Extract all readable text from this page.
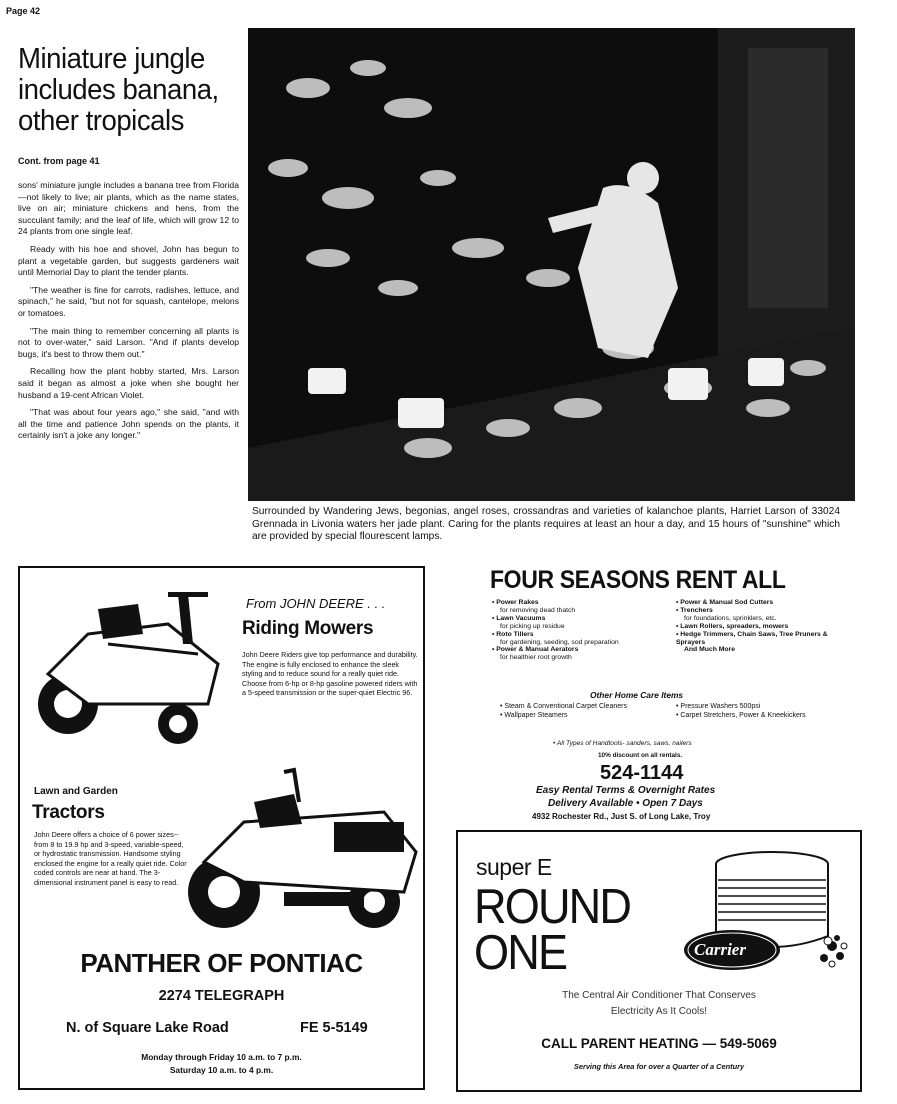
Page 42
Miniature jungle
includes banana,
other tropicals
Cont. from page 41

sons' miniature jungle includes a banana tree from Florida—not likely to live; air plants, which as the name states, live on air; miniature chickens and hens, from the succulant family; and the leaf of life, which will grow 12 to 24 plants from one single leaf.

Ready with his hoe and shovel, John has begun to plant a vegetable garden, but suggests gardeners wait until Memorial Day to plant the tender plants.

"The weather is fine for carrots, radishes, lettuce, and spinach," he said, "but not for squash, cantelope, melons or tomatoes.

"The main thing to remember concerning all plants is not to over-water," said Larson. "And if plants develop bugs, it's best to throw them out."

Recalling how the plant hobby started, Mrs. Larson said it began as almost a joke when she bought her husband a 19-cent African Violet.

"That was about four years ago," she said, "and with all the time and patience John spends on the plants, it certainly isn't a joke any longer."

Surrounded by Wandering Jews, begonias, angel roses, crossandras and varieties of kalanchoe plants, Harriet Larson of 33024 Grennada in Livonia waters her jade plant. Caring for the plants requires at least an hour a day, and 15 hours of "sunshine" which are provided by special flourescent lamps.
From JOHN DEERE . . .
Riding Mowers
John Deere Riders give top performance and durability. The engine is fully enclosed to enhance the sleek styling and to reduce sound for a really quiet ride. Choose from 6-hp or 8-hp gasoline powered riders with a 5-speed transmission or the super-quiet Electric 96.
Lawn and Garden
Tractors
John Deere offers a choice of 6 power sizes--from 8 to 19.9 hp and 3-speed, variable-speed, or hydrostatic transmission. Handsome styling enclosed the engine for a really quiet ride. Color coded controls are near at hand. The 3-dimensional instrument panel is easy to read.
PANTHER OF PONTIAC
2274 TELEGRAPH
N. of Square Lake Road	FE 5-5149
Monday through Friday 10 a.m. to 7 p.m.
Saturday 10 a.m. to 4 p.m.
FOUR SEASONS RENT ALL
• Power Rakes
for removing dead thatch
• Lawn Vacuums
for picking up residue
• Roto Tillers
for gardening, seeding, sod preparation
• Power & Manual Aerators
for healthier root growth
• Power & Manual Sod Cutters
• Trenchers
for foundations, sprinklers, etc.
• Lawn Rollers, spreaders, mowers
• Hedge Trimmers, Chain Saws, Tree Pruners & Sprayers
And Much More
Other Home Care Items
• Steam & Conventional Carpet Cleaners
• Wallpaper Steamers
• Pressure Washers 500psi
• Carpet Stretchers, Power & Kneekickers
• All Types of Handtools- sanders, saws, nailers
10% discount on all rentals.
524-1144
Easy Rental Terms & Overnight Rates
Delivery Available • Open 7 Days
4932 Rochester Rd., Just S. of Long Lake, Troy
super E
ROUND
ONE	Carrier
The Central Air Conditioner That Conserves
Electricity As It Cools!
CALL PARENT HEATING — 549-5069
Serving this Area for over a Quarter of a Century
